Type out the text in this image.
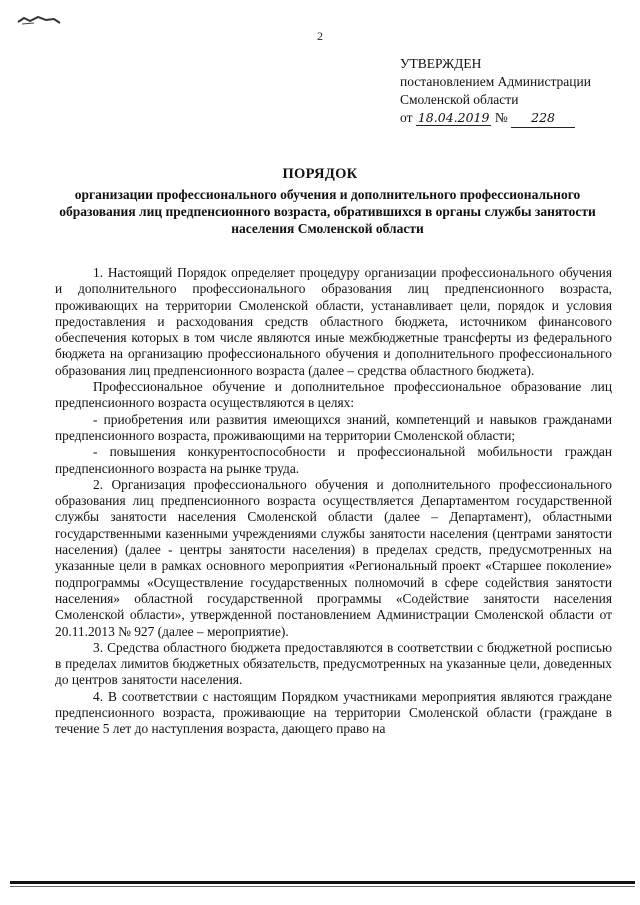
2
УТВЕРЖДЕН
постановлением Администрации
Смоленской области
от 18.04.2019 № 228
ПОРЯДОК
организации профессионального обучения и дополнительного профессионального образования лиц предпенсионного возраста, обратившихся в органы службы занятости населения Смоленской области

1. Настоящий Порядок определяет процедуру организации профессионального обучения и дополнительного профессионального образования лиц предпенсионного возраста, проживающих на территории Смоленской области, устанавливает цели, порядок и условия предоставления и расходования средств областного бюджета, источником финансового обеспечения которых в том числе являются иные межбюджетные трансферты из федерального бюджета на организацию профессионального обучения и дополнительного профессионального образования лиц предпенсионного возраста (далее – средства областного бюджета).

Профессиональное обучение и дополнительное профессиональное образование лиц предпенсионного возраста осуществляются в целях:

- приобретения или развития имеющихся знаний, компетенций и навыков гражданами предпенсионного возраста, проживающими на территории Смоленской области;

- повышения конкурентоспособности и профессиональной мобильности граждан предпенсионного возраста на рынке труда.

2. Организация профессионального обучения и дополнительного профессионального образования лиц предпенсионного возраста осуществляется Департаментом государственной службы занятости населения Смоленской области (далее – Департамент), областными государственными казенными учреждениями службы занятости населения (центрами занятости населения) (далее - центры занятости населения) в пределах средств, предусмотренных на указанные цели в рамках основного мероприятия «Региональный проект «Старшее поколение» подпрограммы «Осуществление государственных полномочий в сфере содействия занятости населения» областной государственной программы «Содействие занятости населения Смоленской области», утвержденной постановлением Администрации Смоленской области от 20.11.2013 № 927 (далее – мероприятие).

3. Средства областного бюджета предоставляются в соответствии с бюджетной росписью в пределах лимитов бюджетных обязательств, предусмотренных на указанные цели, доведенных до центров занятости населения.

4. В соответствии с настоящим Порядком участниками мероприятия являются граждане предпенсионного возраста, проживающие на территории Смоленской области (граждане в течение 5 лет до наступления возраста, дающего право на
